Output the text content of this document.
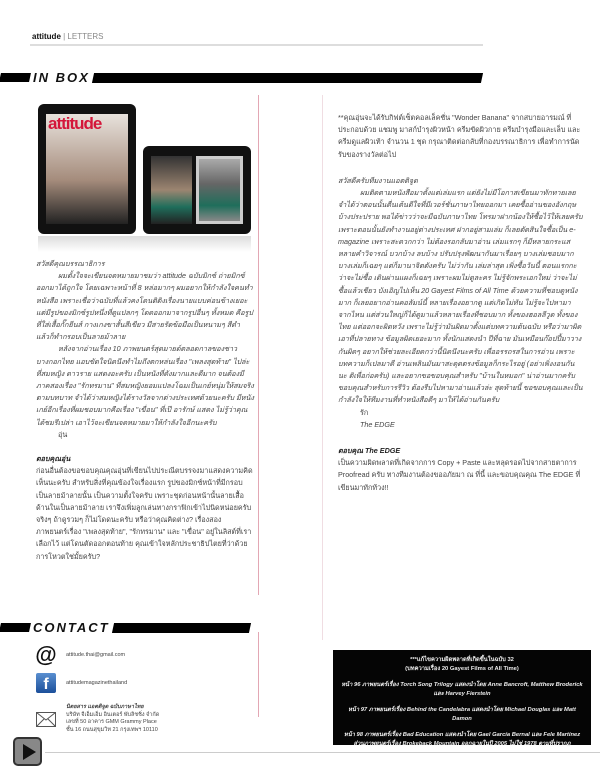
attitude | LETTERS
IN BOX
attitude

สวัสดีคุณบรรณาธิการ

ผมตั้งใจจะเขียนจดหมายมาชมว่า attitude ฉบับมิกซ์ ถ่ายมิกซ์ออกมาได้ถูกใจ โดยเฉพาะหน้าที่ 8 หล่อมากๆ ผมอยากให้กำลังใจคนทำหนังสือ เพราะเชื่อว่าฉบับที่แล้วคงโดนติติงเรื่องนายแบบค่อนข้างเยอะ แต่มีรูปของมิกซ์รูปหนึ่งที่ดูแปลกๆ โดดออกมาจากรูปอื่นๆ ทั้งหมด คือรูปที่ใส่เสื้อกั๊กยีนส์ กางเกงขาสั้นสีเขียว มีสายรัดข้อมือเป็นหนามๆ สีดำ แล้วก็ทำกรอบเป็นลายม้าลาย

หลังจากอ่านเรื่อง 10 ภาพยนตร์สุดมายด์ตลอดกาลของชาวบางกอกไทย แอบขัดใจนิดนึงทำไมถึงตกหล่นเรื่อง "เพลงสุดท้าย" ไปล่ะ ที่สมหญิง ดาวราย แสดงอะครับ เป็นหนังที่ดังมากและดีมาก จนต้องมีภาคสองเรื่อง "รักทรมาน" ที่สมหญิงยอมแปลงโฉมเป็นเกย์หนุ่มให้สมจริงตามบทบาท จำได้ว่าสมหญิงได้รางวัลจากต่างประเทศด้วยนะครับ มีหนังเกย์อีกเรื่องที่ผมชอบมากคือเรื่อง "เขื่อน" ที่เป๊ อารักษ์ แสดง ไม่รู้ว่าคุณได้ชมรึเปล่า เอาไว้จะเขียนจดหมายมาให้กำลังใจอีกนะครับ

อุ่น

ตอบคุณอุ่น

ก่อนอื่นต้องขอขอบคุณคุณอุ่นที่เขียนไปประณีตบรรจงมาแสดงความคิดเห็นนะครับ สำหรับสิ่งที่คุณข้องใจเรื่องแรก รูปของมิกซ์หน้าที่มีกรอบเป็นลายม้าลายนั้น เป็นความตั้งใจครับ เพราะชุดก่อนหน้านั้นลายเสื้อด้านในเป็นลายม้าลาย เราจึงเพิ่มลูกเล่นทางกราฟิกเข้าไปนิดหน่อยครับ จริงๆ ถ้าดูรวมๆ ก็ไม่โดดนะครับ หรือว่าคุณคิดต่าง? เรื่องสอง ภาพยนตร์เรื่อง "เพลงสุดท้าย", "รักทรมาน" และ "เขื่อน" อยู่ในลิสต์ที่เราเลือกไว้ แต่โดนตัดออกตอนท้าย คุณเข้าใจหลักประชาธิปไตยที่ว่าด้วยการโหวตใช่มั้ยครับ?

CONTACT
@ attitude.thai@gmail.com
f	attitudemagazinethailand
นิตยสาร แอตติจูด ฉบับภาษาไทย
บริษัท จีเอ็มเอ็ม อินเตอร์ พับลิชชิ่ง จำกัด
เลขที่ 50 อาคาร GMM Grammy Place
ชั้น 16 ถนนสุขุมวิท 21 กรุงเทพฯ 10110

**คุณอุ่นจะได้รับกิฟต์เซ็ตคอลเล็คชั่น "Wonder Banana" จากสบายอารมณ์ ที่ประกอบด้วย แชมพู มาสก์บำรุงผิวหน้า ครีมขัดผิวกาย ครีมบำรุงมือและเล็บ และครีมดูแลผิวเท้า จำนวน 1 ชุด กรุณาติดต่อกลับที่กองบรรณาธิการ เพื่อทำการนัดรับของรางวัลต่อไป

สวัสดีครับทีมงานแอตติจูด

ผมติดตามหนังสือมาตั้งแต่เล่มแรก แต่ยังไม่มีโอกาสเขียนมาทักทายเลย จำได้ว่าตอนนั้นตื่นเต้นดีใจที่มีเวอร์ชั่นภาษาไทยออกมา เคยซื้ออ่านของอังกฤษบ้างประปราย พอได้ข่าวว่าจะมีฉบับภาษาไทย โทรมาฝากน้องให้ซื้อไว้ให้เลยครับ เพราะตอนนั้นยังทำงานอยู่ต่างประเทศ ฝากอยู่สามเล่ม ก็เลยตัดสินใจซื้อเป็น e-magazine เพราะสะดวกกว่า ไม่ต้องรอกลับมาอ่าน เล่มแรกๆ ก็มีหลายกระแส หลายคำวิจารณ์ บวกบ้าง ลบบ้าง ปรับปรุงพัฒนากันมาเรื่อยๆ บางเล่มชอบมาก บางเล่มก็เฉยๆ แต่ก็มานาจิตตังครับ ไม่ว่ากัน เล่มล่าสุด เพิ่งซื้อวันนี้ ตอนแรกกะว่าจะไม่ซื้อ เดินผ่านแผงก็เฉยๆ เพราะผมไม่ดูละคร ไม่รู้จักพระเอกใหม่ ว่าจะไม่ซื้อแล้วเชียว บังเอิญไปเห็น 20 Gayest Films of All Time ด้วยความที่ชอบดูหนังมาก ก็เลยอยากอ่านคอลัมน์นี้ หลายเรื่องอยากดู แต่เกิดไม่ทัน ไม่รู้จะไปหามาจากไหน แต่ส่วนใหญ่ก็ได้ดูมาแล้วหลายเรื่องที่ชอบมาก ทั้งของฮอลลีวูด ทั้งของไทย แต่ออกจะผิดหวัง เพราะไม่รู้ว่ามันผิดมาตั้งแต่บทความต้นฉบับ หรือว่ามาผิดเอาที่ปลายทาง ข้อมูลผิดเยอะมาก ทั้งนักแสดงนำ ปีที่ฉาย มันเหมือนก๊อปปี้มาวางกันผิดๆ อยากให้ช่วยละเอียดกว่านี้นิดนึงนะครับ เพื่ออรรถรสในการอ่าน เพราะบทความก็เปลมาดี อ่านเพลินมันมาสะดุดตรงข้อมูลก็กระไรอยู่ (อย่าเพิ่งงอนกันนะ ติเพื่อก่อครับ) และอยากขอขอบคุณสำหรับ "บ้านในหมอก" น่าอ่านมากครับ ขอบคุณสำหรับการรีวิว ต้องรีบไปหามาอ่านแล้วล่ะ สุดท้ายนี้ ขอขอบคุณและเป็นกำลังใจให้ทีมงานที่ทำหนังสือดีๆ มาให้ได้อ่านกันครับ

รัก

The EDGE

ตอบคุณ The EDGE

เป็นความผิดพลาดที่เกิดจากการ Copy + Paste และหลุดรอดไปจากสายตาการ Proofread ครับ ทางทีมงานต้องขออภัยมา ณ ที่นี้ และขอบคุณคุณ The EDGE ที่เขียนมาทักท้วง!!

***แก้ไขความผิดพลาดที่เกิดขึ้นในฉบับ 32
(บทความเรื่อง 20 Gayest Films of All Time)

หน้า 96 ภาพยนตร์เรื่อง Torch Song Trilogy แสดงนำโดย Anne Bancroft, Matthew Broderick และ Harvey Fierstein

หน้า 97 ภาพยนตร์เรื่อง Behind the Candelabra แสดงนำโดย Michael Douglas และ Matt Damon

หน้า 98 ภาพยนตร์เรื่อง Bad Education แสดงนำโดย Gael García Bernal และ Fele Martínez ส่วนภาพยนตร์เรื่อง Brokeback Mountain ออกฉายในปี 2005 ไม่ใช่ 1978 ตามที่ปรากฏ
